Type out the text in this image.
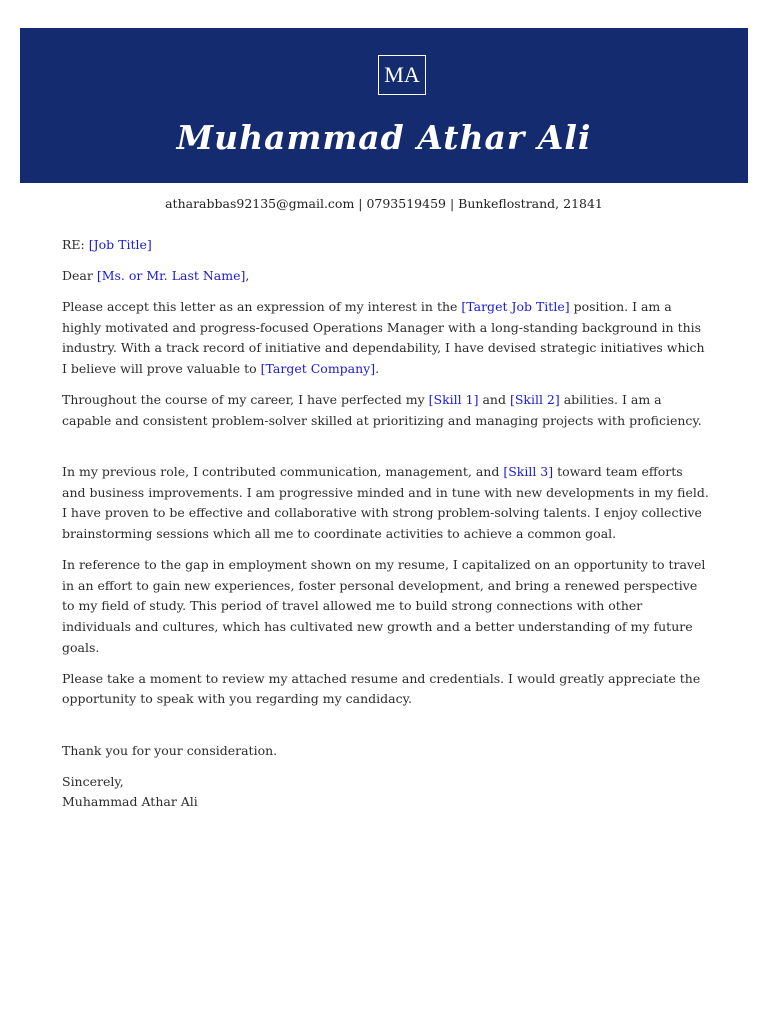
MA
Muhammad Athar Ali
atharabbas92135@gmail.com | 0793519459 | Bunkeflostrand, 21841

RE: [Job Title]

Dear [Ms. or Mr. Last Name],

Please accept this letter as an expression of my interest in the [Target Job Title] position. I am a highly motivated and progress-focused Operations Manager with a long-standing background in this industry. With a track record of initiative and dependability, I have devised strategic initiatives which I believe will prove valuable to [Target Company].

Throughout the course of my career, I have perfected my [Skill 1] and [Skill 2] abilities. I am a capable and consistent problem-solver skilled at prioritizing and managing projects with proficiency.

In my previous role, I contributed communication, management, and [Skill 3] toward team efforts and business improvements. I am progressive minded and in tune with new developments in my field. I have proven to be effective and collaborative with strong problem-solving talents. I enjoy collective brainstorming sessions which all me to coordinate activities to achieve a common goal.

In reference to the gap in employment shown on my resume, I capitalized on an opportunity to travel in an effort to gain new experiences, foster personal development, and bring a renewed perspective to my field of study. This period of travel allowed me to build strong connections with other individuals and cultures, which has cultivated new growth and a better understanding of my future goals.

Please take a moment to review my attached resume and credentials. I would greatly appreciate the opportunity to speak with you regarding my candidacy.

Thank you for your consideration.

Sincerely,
Muhammad Athar Ali
